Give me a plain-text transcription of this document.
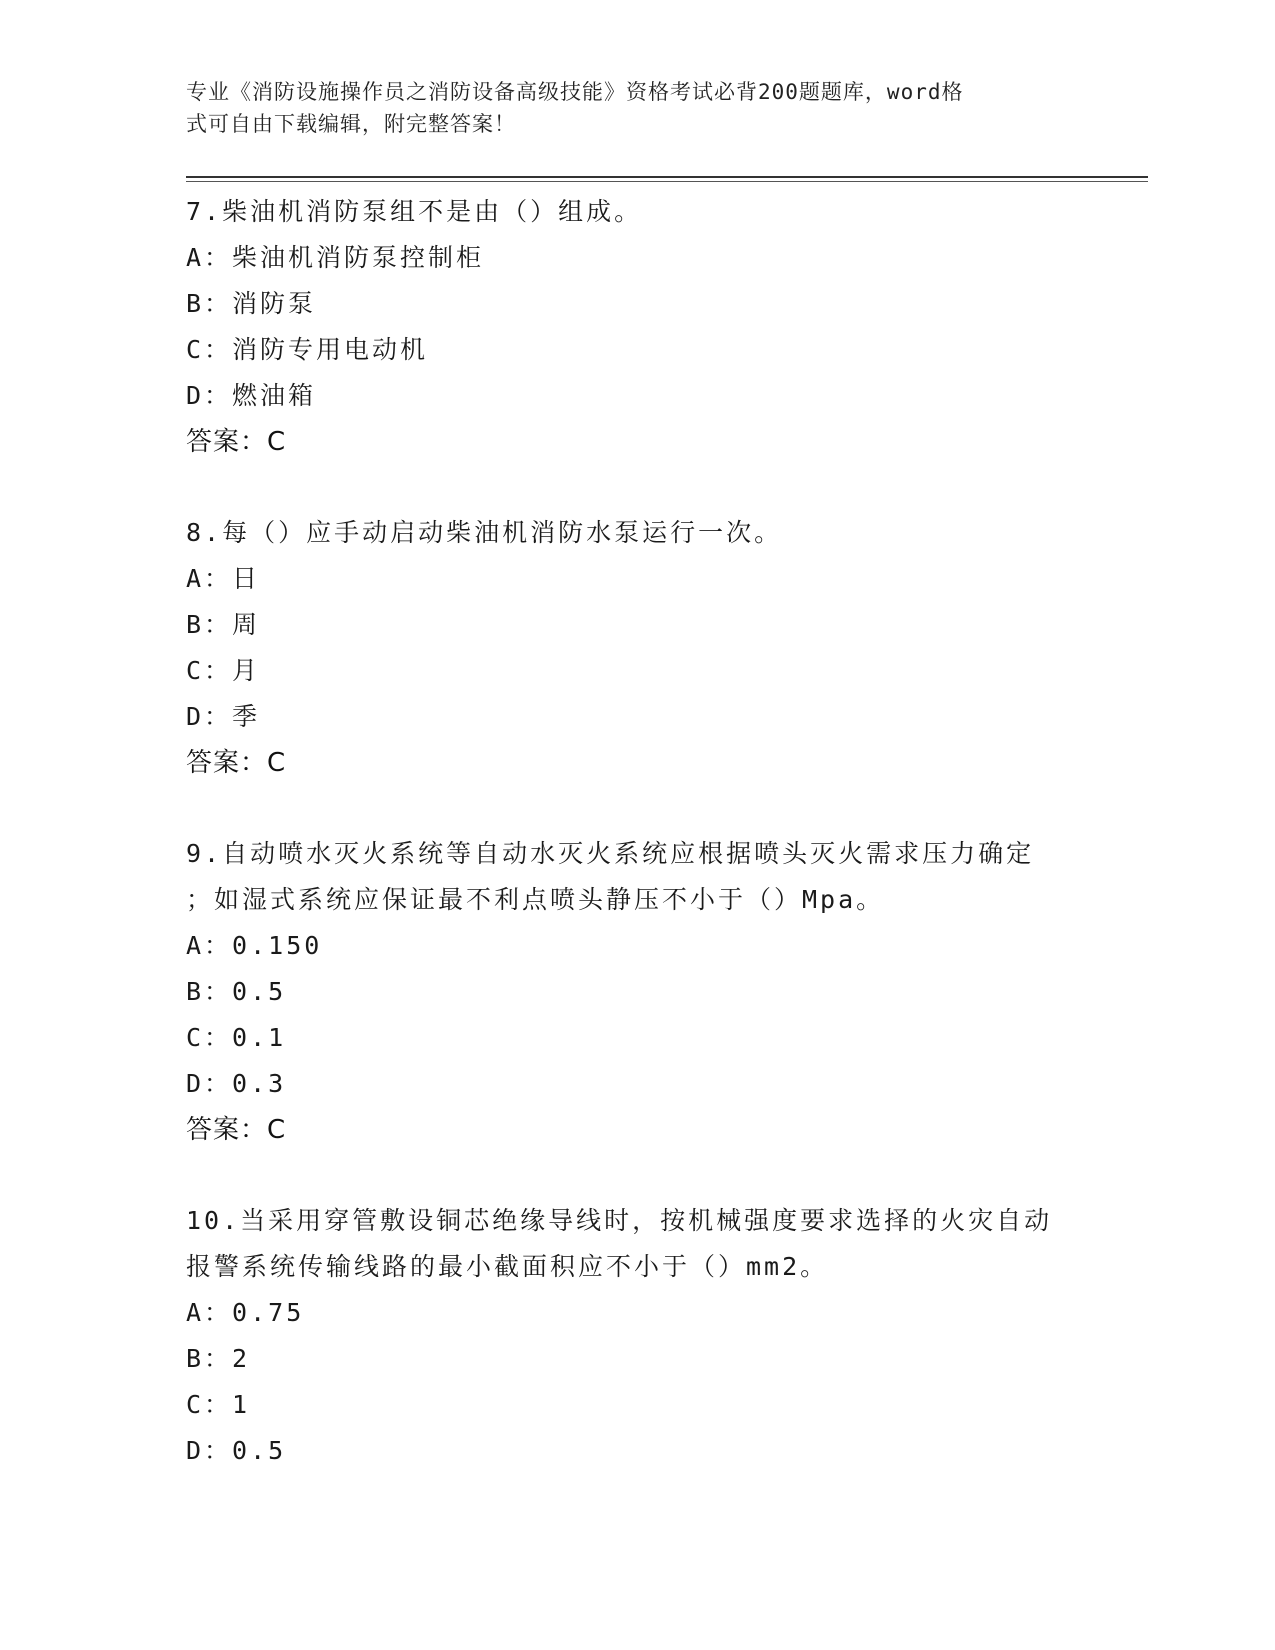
专业《消防设施操作员之消防设备高级技能》资格考试必背200题题库，word格
式可自由下载编辑，附完整答案！
7.柴油机消防泵组不是由（）组成。
A：柴油机消防泵控制柜
B：消防泵
C：消防专用电动机
D：燃油箱
答案：C
8.每（）应手动启动柴油机消防水泵运行一次。
A：日
B：周
C：月
D：季
答案：C
9.自动喷水灭火系统等自动水灭火系统应根据喷头灭火需求压力确定
；如湿式系统应保证最不利点喷头静压不小于（）Mpa。
A：0.150
B：0.5
C：0.1
D：0.3
答案：C
10.当采用穿管敷设铜芯绝缘导线时，按机械强度要求选择的火灾自动
报警系统传输线路的最小截面积应不小于（）mm2。
A：0.75
B：2
C：1
D：0.5
